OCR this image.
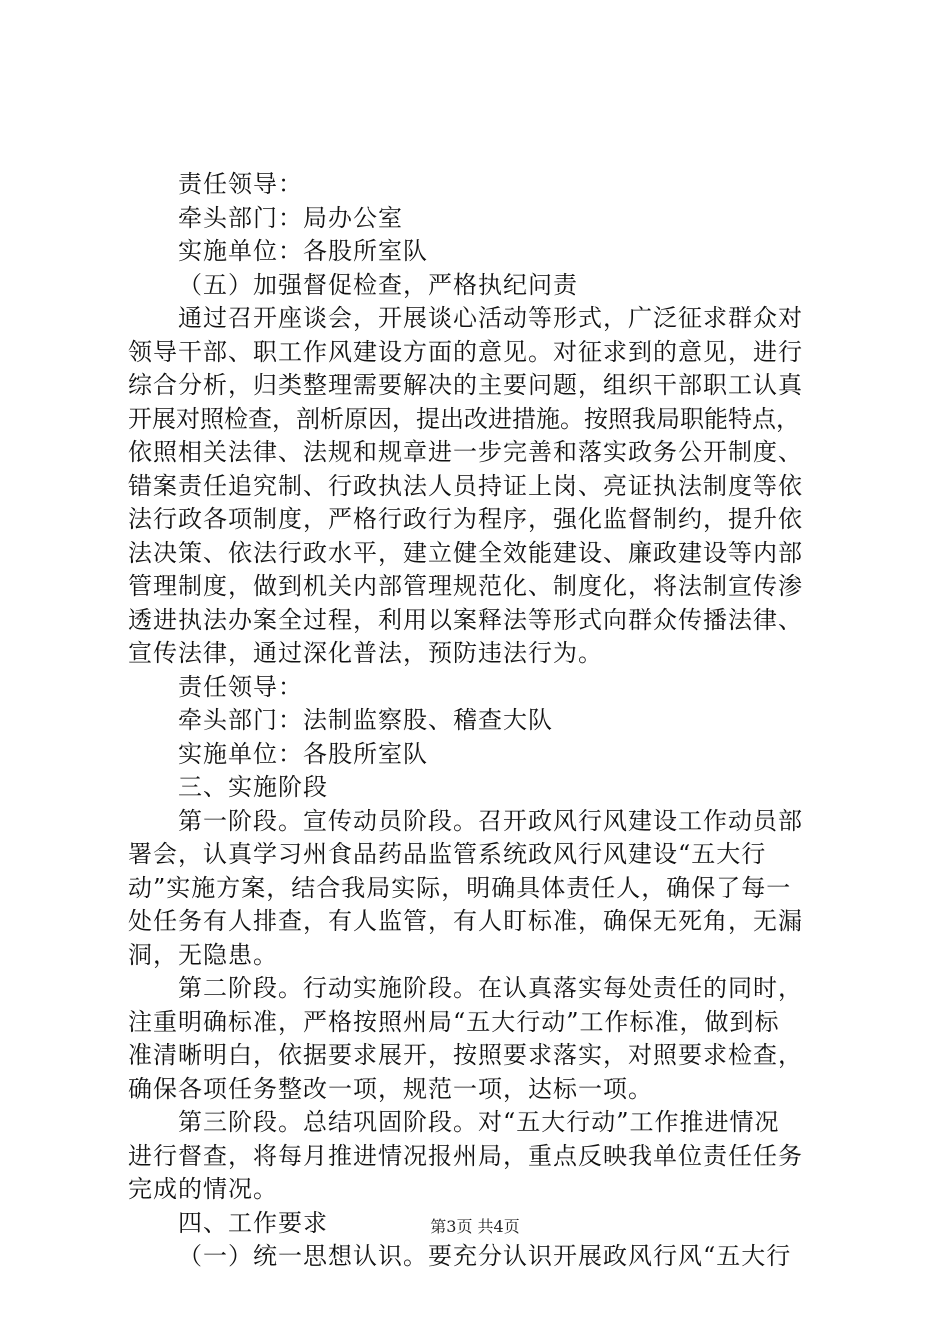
责任领导：
牵头部门：局办公室
实施单位：各股所室队
（五）加强督促检查，严格执纪问责
通过召开座谈会，开展谈心活动等形式，广泛征求群众对
领导干部、职工作风建设方面的意见。对征求到的意见，进行
综合分析，归类整理需要解决的主要问题，组织干部职工认真
开展对照检查，剖析原因，提出改进措施。按照我局职能特点，
依照相关法律、法规和规章进一步完善和落实政务公开制度、
错案责任追究制、行政执法人员持证上岗、亮证执法制度等依
法行政各项制度，严格行政行为程序，强化监督制约，提升依
法决策、依法行政水平，建立健全效能建设、廉政建设等内部
管理制度，做到机关内部管理规范化、制度化，将法制宣传渗
透进执法办案全过程，利用以案释法等形式向群众传播法律、
宣传法律，通过深化普法，预防违法行为。
责任领导：
牵头部门：法制监察股、稽查大队
实施单位：各股所室队
三、实施阶段
第一阶段。宣传动员阶段。召开政风行风建设工作动员部
署会，认真学习州食品药品监管系统政风行风建设“五大行
动”实施方案，结合我局实际，明确具体责任人，确保了每一
处任务有人排查，有人监管，有人盯标准，确保无死角，无漏
洞，无隐患。
第二阶段。行动实施阶段。在认真落实每处责任的同时，
注重明确标准，严格按照州局“五大行动”工作标准，做到标
准清晰明白，依据要求展开，按照要求落实，对照要求检查，
确保各项任务整改一项，规范一项，达标一项。
第三阶段。总结巩固阶段。对“五大行动”工作推进情况
进行督查，将每月推进情况报州局，重点反映我单位责任任务
完成的情况。
四、工作要求
（一）统一思想认识。要充分认识开展政风行风“五大行
第3页 共4页
